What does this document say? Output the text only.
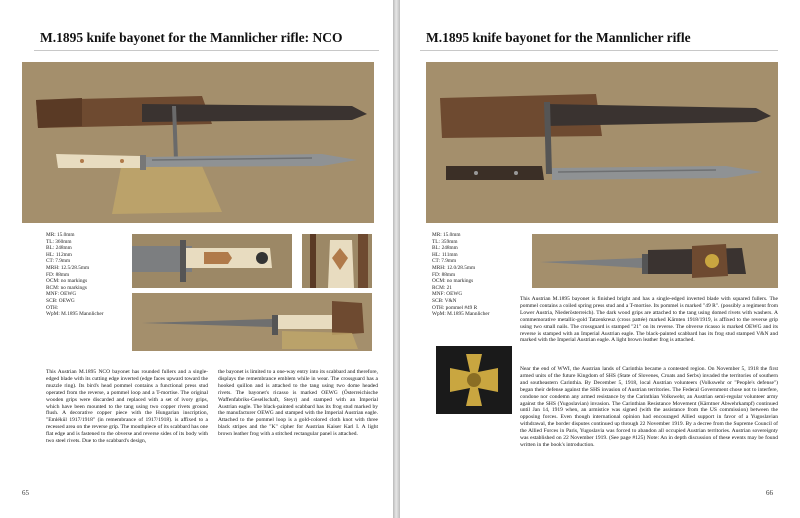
M.1895 knife bayonet for the Mannlicher rifle: NCO
MR: 15.0mm
TL: 360mm
BL: 248mm
HL: 112mm
CT: 7.9mm
MRH: 12.5/28.5mm
FD: 88mm
OCM: no markings
RCM: no markings
MNF: OEWG
SCB: OEWG
OTH:
WpM: M.1895 Mannlicher

This Austrian M.1895 NCO bayonet has rounded fullers and a single-edged blade with its cutting edge inverted (edge faces upward toward the muzzle ring). Its bird's head pommel contains a functional press stud operated from the reverse, a pommel loop and a T-mortise. The original wooden grips were discarded and replaced with a set of ivory grips, which have been mounted to the tang using two copper rivets ground flush. A decorative copper piece with the Hungarian inscription, "Emlékül 1917/1918" (in remembrance of 1917/1918). is affixed to a recessed area on the reverse grip. The mouthpiece of its scabbard has one flat edge and is fastened to the obverse and reverse sides of its body with two steel rivets. Due to the scabbard's design,

the bayonet is limited to a one-way entry into its scabbard and therefore, displays the remembrance emblem while in wear. The crossguard has a hooked quillon and is attached to the tang using two dome headed rivets. The bayonet's ricasso is marked OEWG (Österreichische Waffenfabriks-Gesellschaft, Steyr) and stamped with an Imperial Austrian eagle. The black-painted scabbard has its frog stud marked by the manufacturer OEWG and stamped with the Imperial Austrian eagle. Attached to the pommel loop is a gold-colored cloth knot with three black stripes and the "K" cipher for Austrian Kaiser Karl I. A light brown leather frog with a stitched rectangular panel is attached.

65
M.1895 knife bayonet for the Mannlicher rifle
MR: 15.0mm
TL: 359mm
BL: 248mm
HL: 111mm
CT: 7.9mm
MRH: 12.0/28.5mm
FD: 88mm
OCM: no markings
RCM: 21
MNF: OEWG
SCB: V&N
OTH: pommel #49 R
WpM: M.1895 Mannlicher

This Austrian M.1895 bayonet is finished bright and has a single-edged inverted blade with squared fullers. The pommel contains a coiled spring press stud and a T-mortise. Its pommel is marked "49 R". (possibly a regiment from Lower Austria, Niederösterreich). The dark wood grips are attached to the tang using domed rivets with washers. A commemorative metallic-gold Tatzenkreuz (cross pattée) marked Kärnten 1918/1919, is affixed to the reverse grip using two small nails. The crossguard is stamped "21" on its reverse. The obverse ricasso is marked OEWG and its reverse is stamped with an Imperial Austrian eagle. The black-painted scabbard has its frog stud stamped V&N and marked with the Imperial Austrian eagle. A light brown leather frog is attached.

Near the end of WWI, the Austrian lands of Carinthia became a contested region. On November 5, 1918 the first armed units of the future Kingdom of SHS (State of Slovenes, Croats and Serbs) invaded the territories of southern and southeastern Carinthia. By December 5, 1918, local Austrian volunteers (Volkswehr or "People's defense") began their defense against the SHS invasion of Austrian territories. The Federal Government chose not to interfere, condone nor condemn any armed resistance by the Carinthian Volkswehr, an Austrian semi-regular volunteer army against the SHS (Yugoslavian) invasion. The Carinthian Resistance Movement (Kärntner Abwehrkampf) continued until Jan 14, 1919 when, an armistice was signed (with the assistance from the US commission) between the opposing forces. Even though international opinion had encouraged Allied support in favor of a Yugoslavian withdrawal, the border disputes continued up through 22 November 1919. By a decree from the Supreme Council of the Allied Forces in Paris, Yugoslavia was forced to abandon all occupied Austrian territories. Austrian sovereignty was established on 22 November 1919. (See page #125) Note: An in depth discussion of these events may be found written in the book's introduction.

66
